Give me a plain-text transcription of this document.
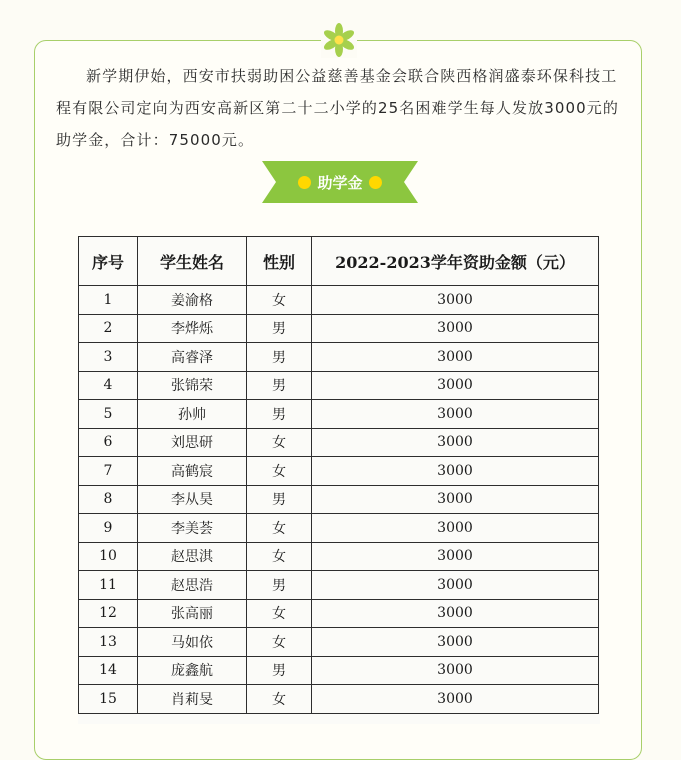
新学期伊始，西安市扶弱助困公益慈善基金会联合陕西格润盛泰环保科技工程有限公司定向为西安高新区第二十二小学的25名困难学生每人发放3000元的助学金，合计：75000元。
助学金
序号	学生姓名	性别	2022-2023学年资助金额（元）
1	姜渝格	女	3000
2	李烨烁	男	3000
3	高睿泽	男	3000
4	张锦荣	男	3000
5	孙帅	男	3000
6	刘思研	女	3000
7	高鹤宸	女	3000
8	李从昊	男	3000
9	李美荟	女	3000
10	赵思淇	女	3000
11	赵思浩	男	3000
12	张高丽	女	3000
13	马如依	女	3000
14	庞鑫航	男	3000
15	肖莉旻	女	3000
